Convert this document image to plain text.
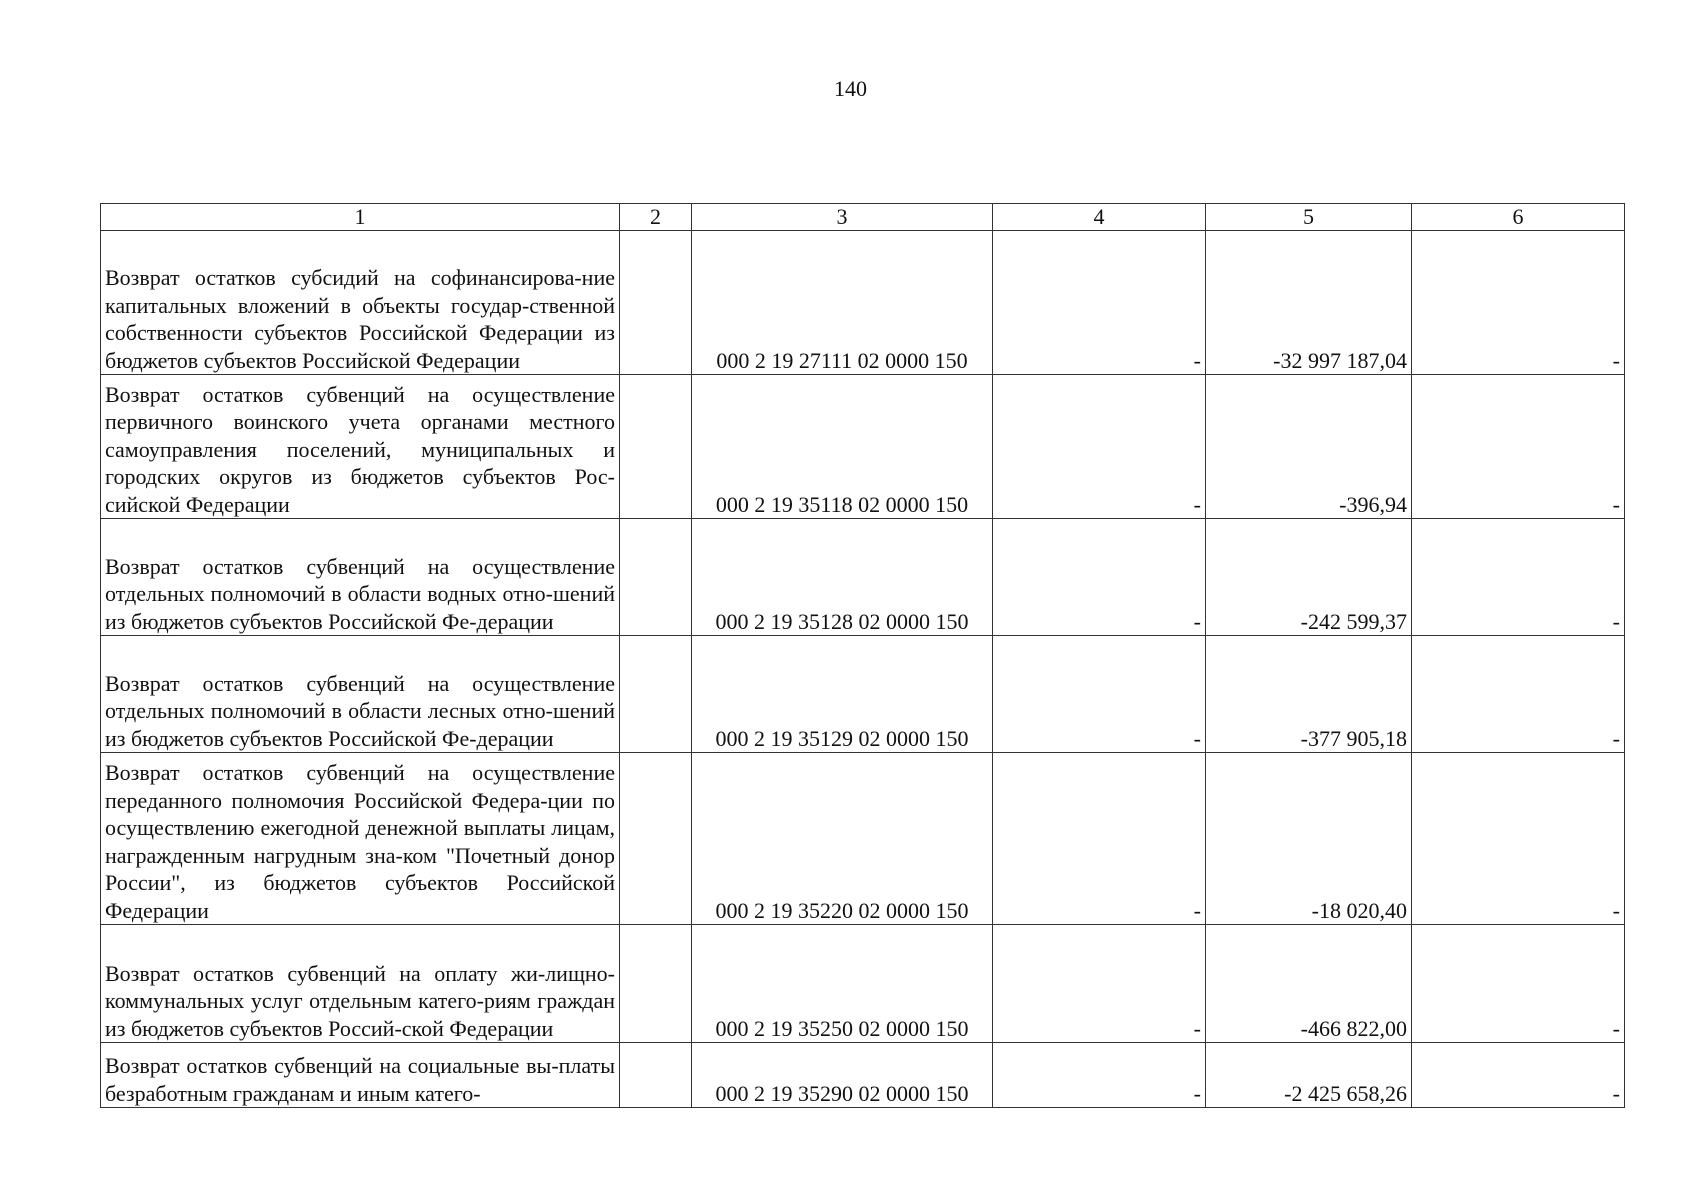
140
1	2	3	4	5	6
Возврат остатков субсидий на софинансирова-ние капитальных вложений в объекты государ-ственной собственности субъектов Российской Федерации из бюджетов субъектов Российской Федерации		000 2 19 27111 02 0000 150	-	-32 997 187,04	-
Возврат остатков субвенций на осуществление первичного воинского учета органами местного самоуправления поселений, муниципальных и городских округов из бюджетов субъектов Рос-сийской Федерации		000 2 19 35118 02 0000 150	-	-396,94	-
Возврат остатков субвенций на осуществление отдельных полномочий в области водных отно-шений из бюджетов субъектов Российской Фе-дерации		000 2 19 35128 02 0000 150	-	-242 599,37	-
Возврат остатков субвенций на осуществление отдельных полномочий в области лесных отно-шений из бюджетов субъектов Российской Фе-дерации		000 2 19 35129 02 0000 150	-	-377 905,18	-
Возврат остатков субвенций на осуществление переданного полномочия Российской Федера-ции по осуществлению ежегодной денежной выплаты лицам, награжденным нагрудным зна-ком "Почетный донор России", из бюджетов субъектов Российской Федерации		000 2 19 35220 02 0000 150	-	-18 020,40	-
Возврат остатков субвенций на оплату жи-лищно-коммунальных услуг отдельным катего-риям граждан из бюджетов субъектов Россий-ской Федерации		000 2 19 35250 02 0000 150	-	-466 822,00	-
Возврат остатков субвенций на социальные вы-платы безработным гражданам и иным катего-		000 2 19 35290 02 0000 150	-	-2 425 658,26	-
